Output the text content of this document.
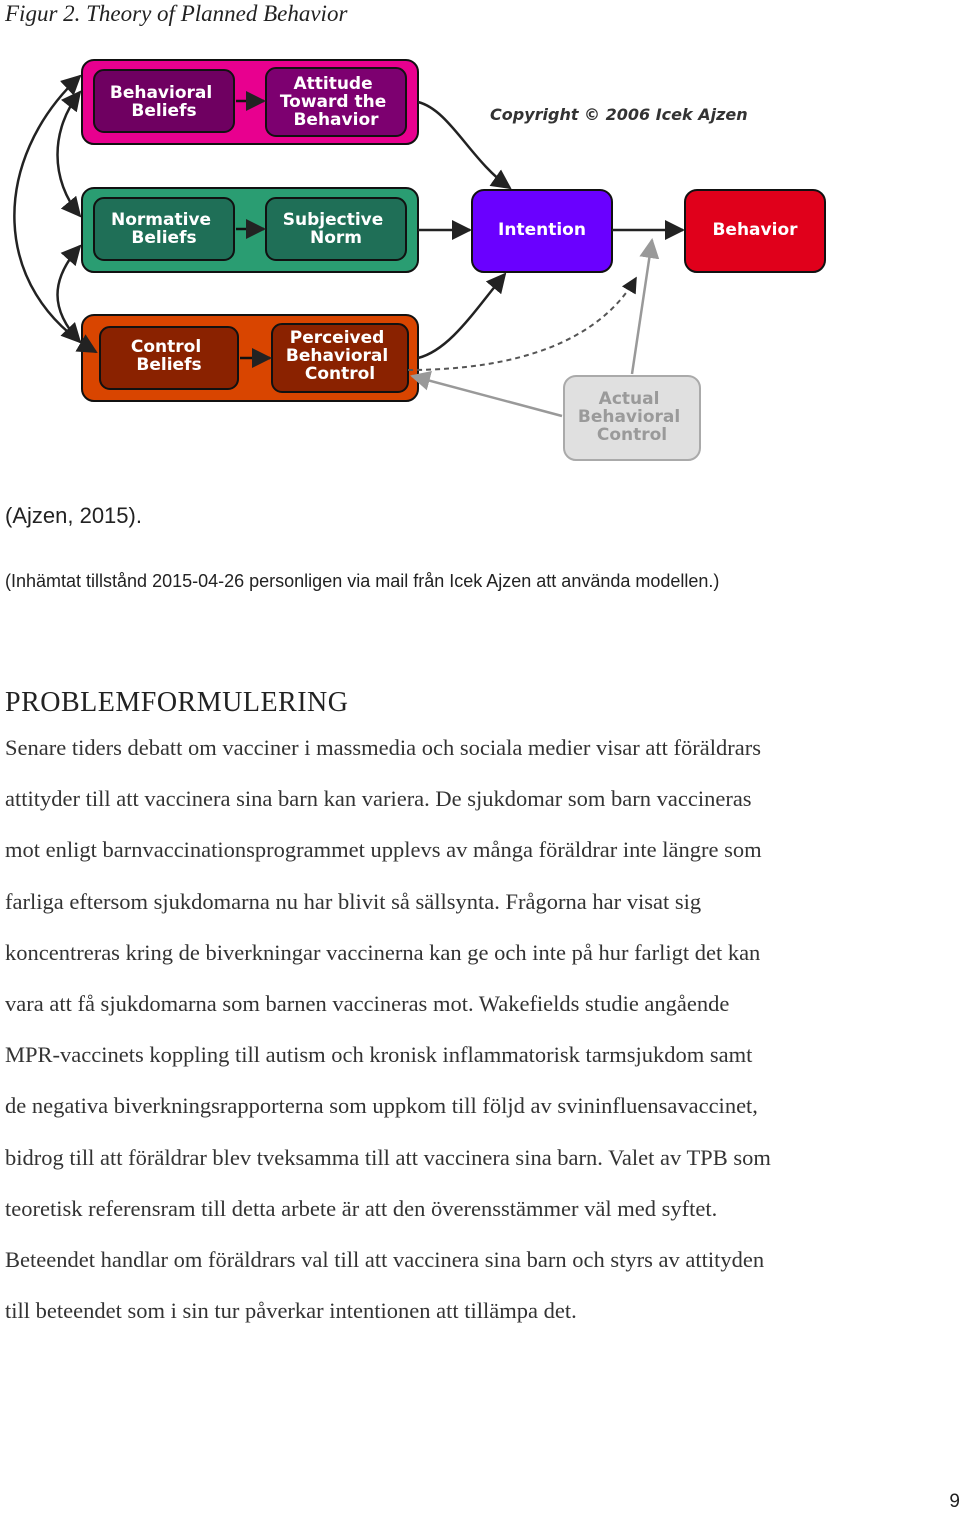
Figur 2. Theory of Planned Behavior
Copyright © 2006 Icek Ajzen
Behavioral Beliefs
Attitude Toward the Behavior
Normative Beliefs
Subjective Norm
Control Beliefs
Perceived Behavioral Control
Intention	Behavior
Actual Behavioral Control
(Ajzen, 2015).
(Inhämtat tillstånd 2015-04-26 personligen via mail från Icek Ajzen att använda modellen.)
PROBLEMFORMULERING
Senare tiders debatt om vacciner i massmedia och sociala medier visar att föräldrars
attityder till att vaccinera sina barn kan variera. De sjukdomar som barn vaccineras
mot enligt barnvaccinationsprogrammet upplevs av många föräldrar inte längre som
farliga eftersom sjukdomarna nu har blivit så sällsynta. Frågorna har visat sig
koncentreras kring de biverkningar vaccinerna kan ge och inte på hur farligt det kan
vara att få sjukdomarna som barnen vaccineras mot. Wakefields studie angående
MPR-vaccinets koppling till autism och kronisk inflammatorisk tarmsjukdom samt
de negativa biverkningsrapporterna som uppkom till följd av svininfluensavaccinet,
bidrog till att föräldrar blev tveksamma till att vaccinera sina barn. Valet av TPB som
teoretisk referensram till detta arbete är att den överensstämmer väl med syftet.
Beteendet handlar om föräldrars val till att vaccinera sina barn och styrs av attityden
till beteendet som i sin tur påverkar intentionen att tillämpa det.
9
